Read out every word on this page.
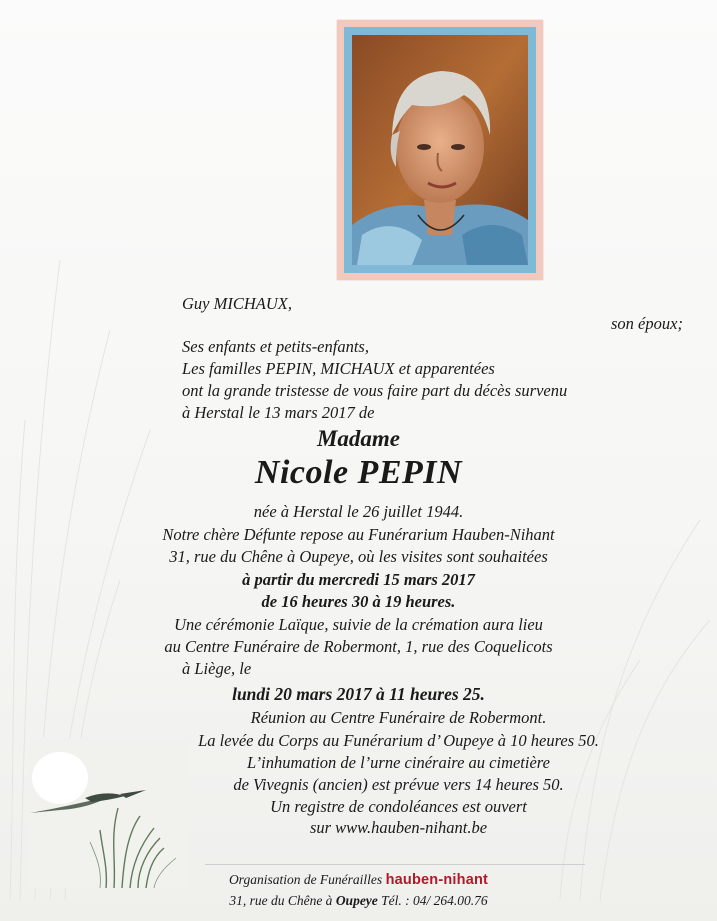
Guy MICHAUX,
son époux;
Ses enfants et petits-enfants,
Les familles PEPIN, MICHAUX et apparentées
ont la grande tristesse de vous faire part du décès survenu
à Herstal le 13 mars 2017 de
Madame
Nicole PEPIN
née à Herstal le 26 juillet 1944.
Notre chère Défunte repose au Funérarium Hauben-Nihant
31, rue du Chêne à Oupeye, où les visites sont souhaitées
à partir du mercredi 15 mars 2017
de 16 heures 30 à 19 heures.
Une cérémonie Laïque, suivie de la crémation aura lieu
au Centre Funéraire de Robermont, 1, rue des Coquelicots
à Liège, le
lundi 20 mars 2017 à 11 heures 25.
Réunion au Centre Funéraire de Robermont.
La levée du Corps au Funérarium d’ Oupeye à 10 heures 50.
L’inhumation de l’urne cinéraire au cimetière
de Vivegnis (ancien) est prévue vers 14 heures 50.
Un registre de condoléances est ouvert
sur www.hauben-nihant.be
Organisation de Funérailles hauben-nihant
31, rue du Chêne à Oupeye Tél. : 04/ 264.00.76
